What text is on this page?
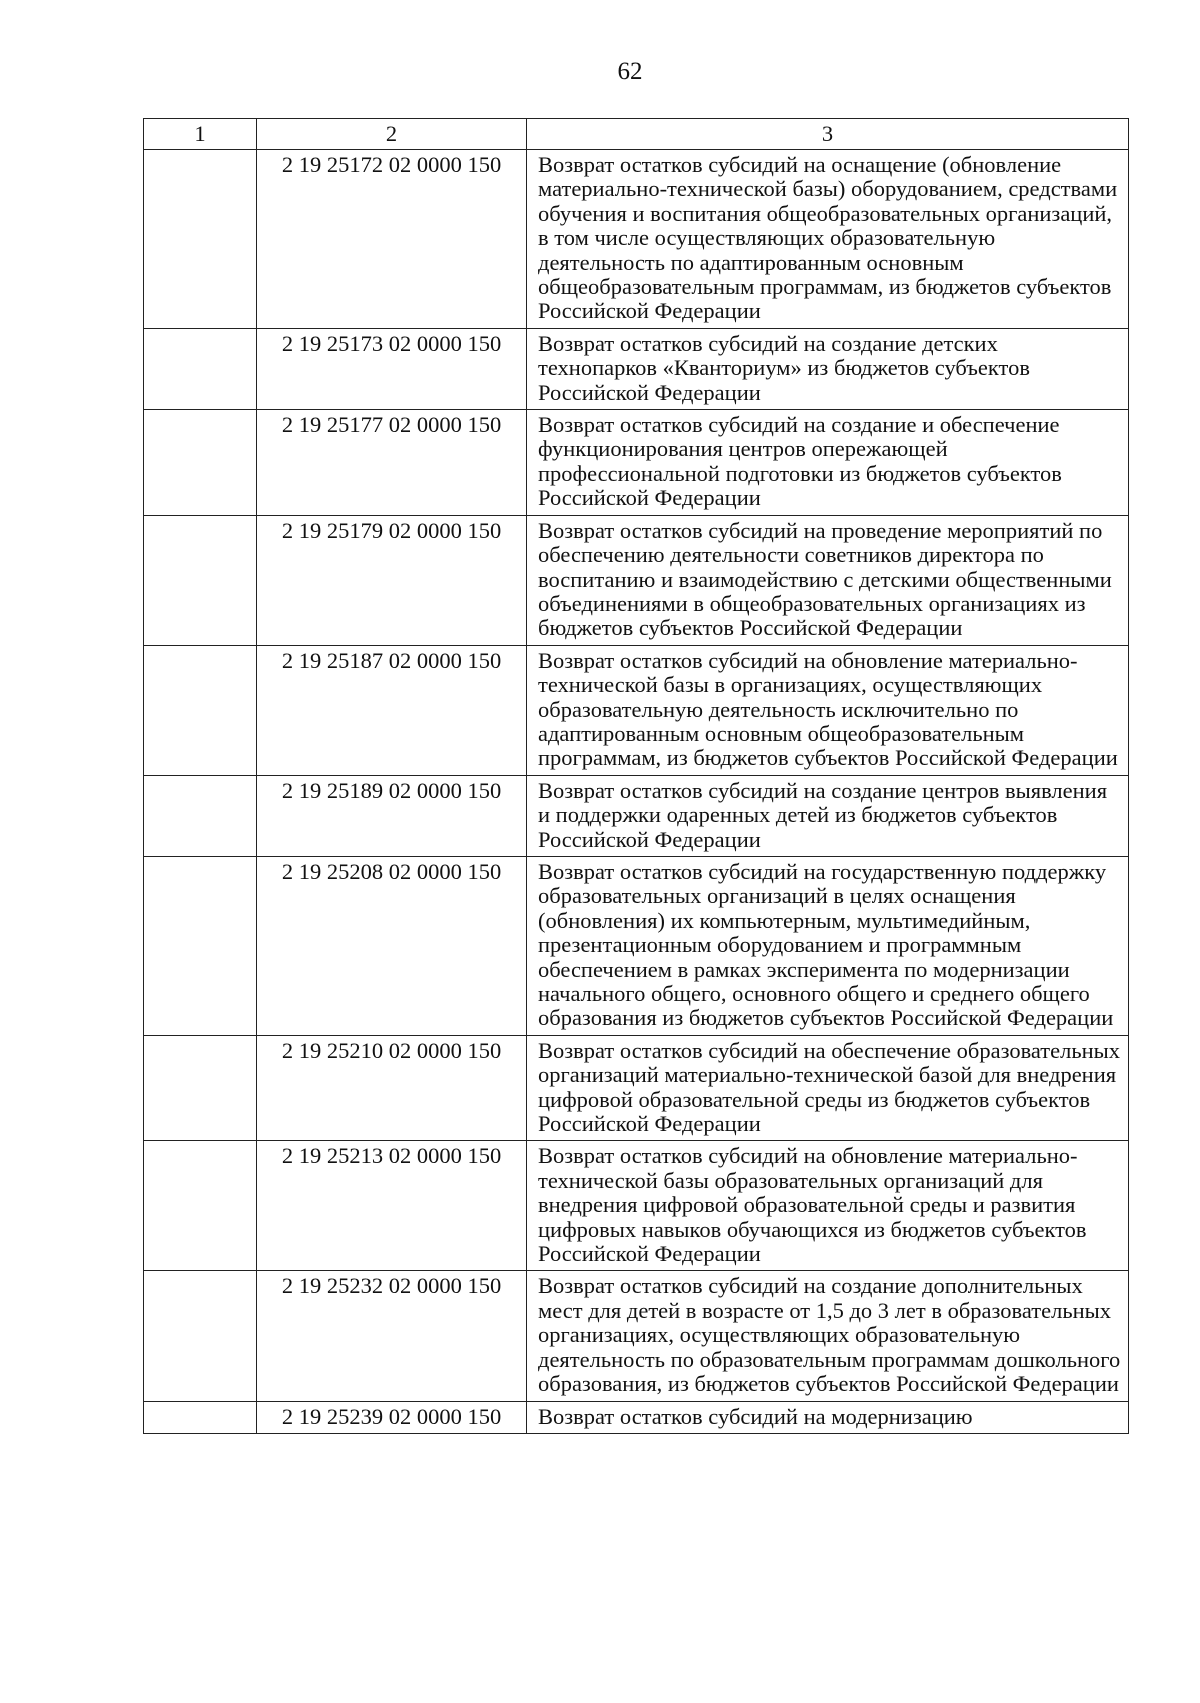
62
1	2	3
	2 19 25172 02 0000 150	Возврат остатков субсидий на оснащение (обновление материально-технической базы) оборудованием, средствами обучения и воспитания общеобразовательных организаций, в том числе осуществляющих образовательную деятельность по адаптированным основным общеобразовательным программам, из бюджетов субъектов Российской Федерации
	2 19 25173 02 0000 150	Возврат остатков субсидий на создание детских технопарков «Кванториум» из бюджетов субъектов Российской Федерации
	2 19 25177 02 0000 150	Возврат остатков субсидий на создание и обеспечение функционирования центров опережающей профессиональной подготовки из бюджетов субъектов Российской Федерации
	2 19 25179 02 0000 150	Возврат остатков субсидий на проведение мероприятий по обеспечению деятельности советников директора по воспитанию и взаимодействию с детскими общественными объединениями в общеобразовательных организациях из бюджетов субъектов Российской Федерации
	2 19 25187 02 0000 150	Возврат остатков субсидий на обновление материально-технической базы в организациях, осуществляющих образовательную деятельность исключительно по адаптированным основным общеобразовательным программам, из бюджетов субъектов Российской Федерации
	2 19 25189 02 0000 150	Возврат остатков субсидий на создание центров выявления и поддержки одаренных детей из бюджетов субъектов Российской Федерации
	2 19 25208 02 0000 150	Возврат остатков субсидий на государственную поддержку образовательных организаций в целях оснащения (обновления) их компьютерным, мультимедийным, презентационным оборудованием и программным обеспечением в рамках эксперимента по модернизации начального общего, основного общего и среднего общего образования из бюджетов субъектов Российской Федерации
	2 19 25210 02 0000 150	Возврат остатков субсидий на обеспечение образовательных организаций материально-технической базой для внедрения цифровой образовательной среды из бюджетов субъектов Российской Федерации
	2 19 25213 02 0000 150	Возврат остатков субсидий на обновление материально-технической базы образовательных организаций для внедрения цифровой образовательной среды и развития цифровых навыков обучающихся из бюджетов субъектов Российской Федерации
	2 19 25232 02 0000 150	Возврат остатков субсидий на создание дополнительных мест для детей в возрасте от 1,5 до 3 лет в образовательных организациях, осуществляющих образовательную деятельность по образовательным программам дошкольного образования, из бюджетов субъектов Российской Федерации
	2 19 25239 02 0000 150	Возврат остатков субсидий на модернизацию
